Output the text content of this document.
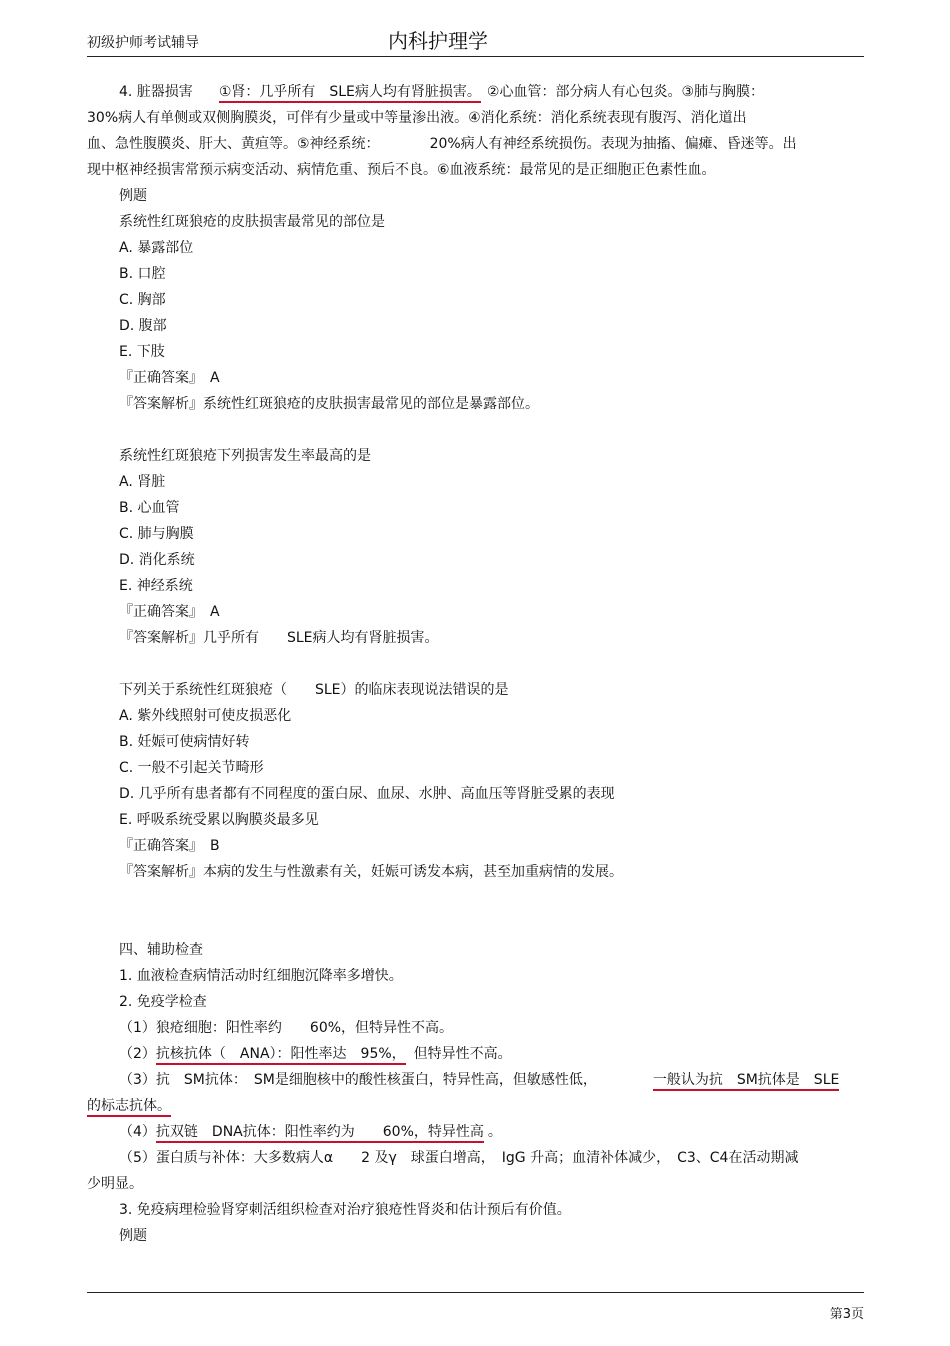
初级护师考试辅导	内科护理学
4. 脏器损害 ①肾：几乎所有　SLE病人均有肾脏损害。 ②心血管：部分病人有心包炎。③肺与胸膜：
30%病人有单侧或双侧胸膜炎，可伴有少量或中等量渗出液。④消化系统：消化系统表现有腹泻、消化道出
血、急性腹膜炎、肝大、黄疸等。⑤神经系统：	20%病人有神经系统损伤。表现为抽搐、偏瘫、昏迷等。出
现中枢神经损害常预示病变活动、病情危重、预后不良。⑥血液系统：最常见的是正细胞正色素性血。
例题
系统性红斑狼疮的皮肤损害最常见的部位是
A. 暴露部位
B. 口腔
C. 胸部
D. 腹部
E. 下肢
『正确答案』　A
『答案解析』系统性红斑狼疮的皮肤损害最常见的部位是暴露部位。
系统性红斑狼疮下列损害发生率最高的是
A. 肾脏
B. 心血管
C. 肺与胸膜
D. 消化系统
E. 神经系统
『正确答案』　A
『答案解析』几乎所有　　SLE病人均有肾脏损害。
下列关于系统性红斑狼疮（　　SLE）的临床表现说法错误的是
A. 紫外线照射可使皮损恶化
B. 妊娠可使病情好转
C. 一般不引起关节畸形
D. 几乎所有患者都有不同程度的蛋白尿、血尿、水肿、高血压等肾脏受累的表现
E. 呼吸系统受累以胸膜炎最多见
『正确答案』　B
『答案解析』本病的发生与性激素有关，妊娠可诱发本病，甚至加重病情的发展。
四、辅助检查
1. 血液检查病情活动时红细胞沉降率多增快。
2. 免疫学检查
（1）狼疮细胞：阳性率约　　60%，但特异性不高。
（2）抗核抗体（　ANA）：阳性率达　95%， 但特异性不高。
（3）抗　SM抗体：　SM是细胞核中的酸性核蛋白，特异性高，但敏感性低，	一般认为抗　SM抗体是　SLE
的标志抗体。
（4）抗双链　DNA抗体：阳性率约为　　60%，特异性高 。
（5）蛋白质与补体：大多数病人α　　2 及γ　球蛋白增高，　IgG 升高；血清补体减少，　C3、C4在活动期减
少明显。
3. 免疫病理检验肾穿刺活组织检查对治疗狼疮性肾炎和估计预后有价值。
例题
第3页
